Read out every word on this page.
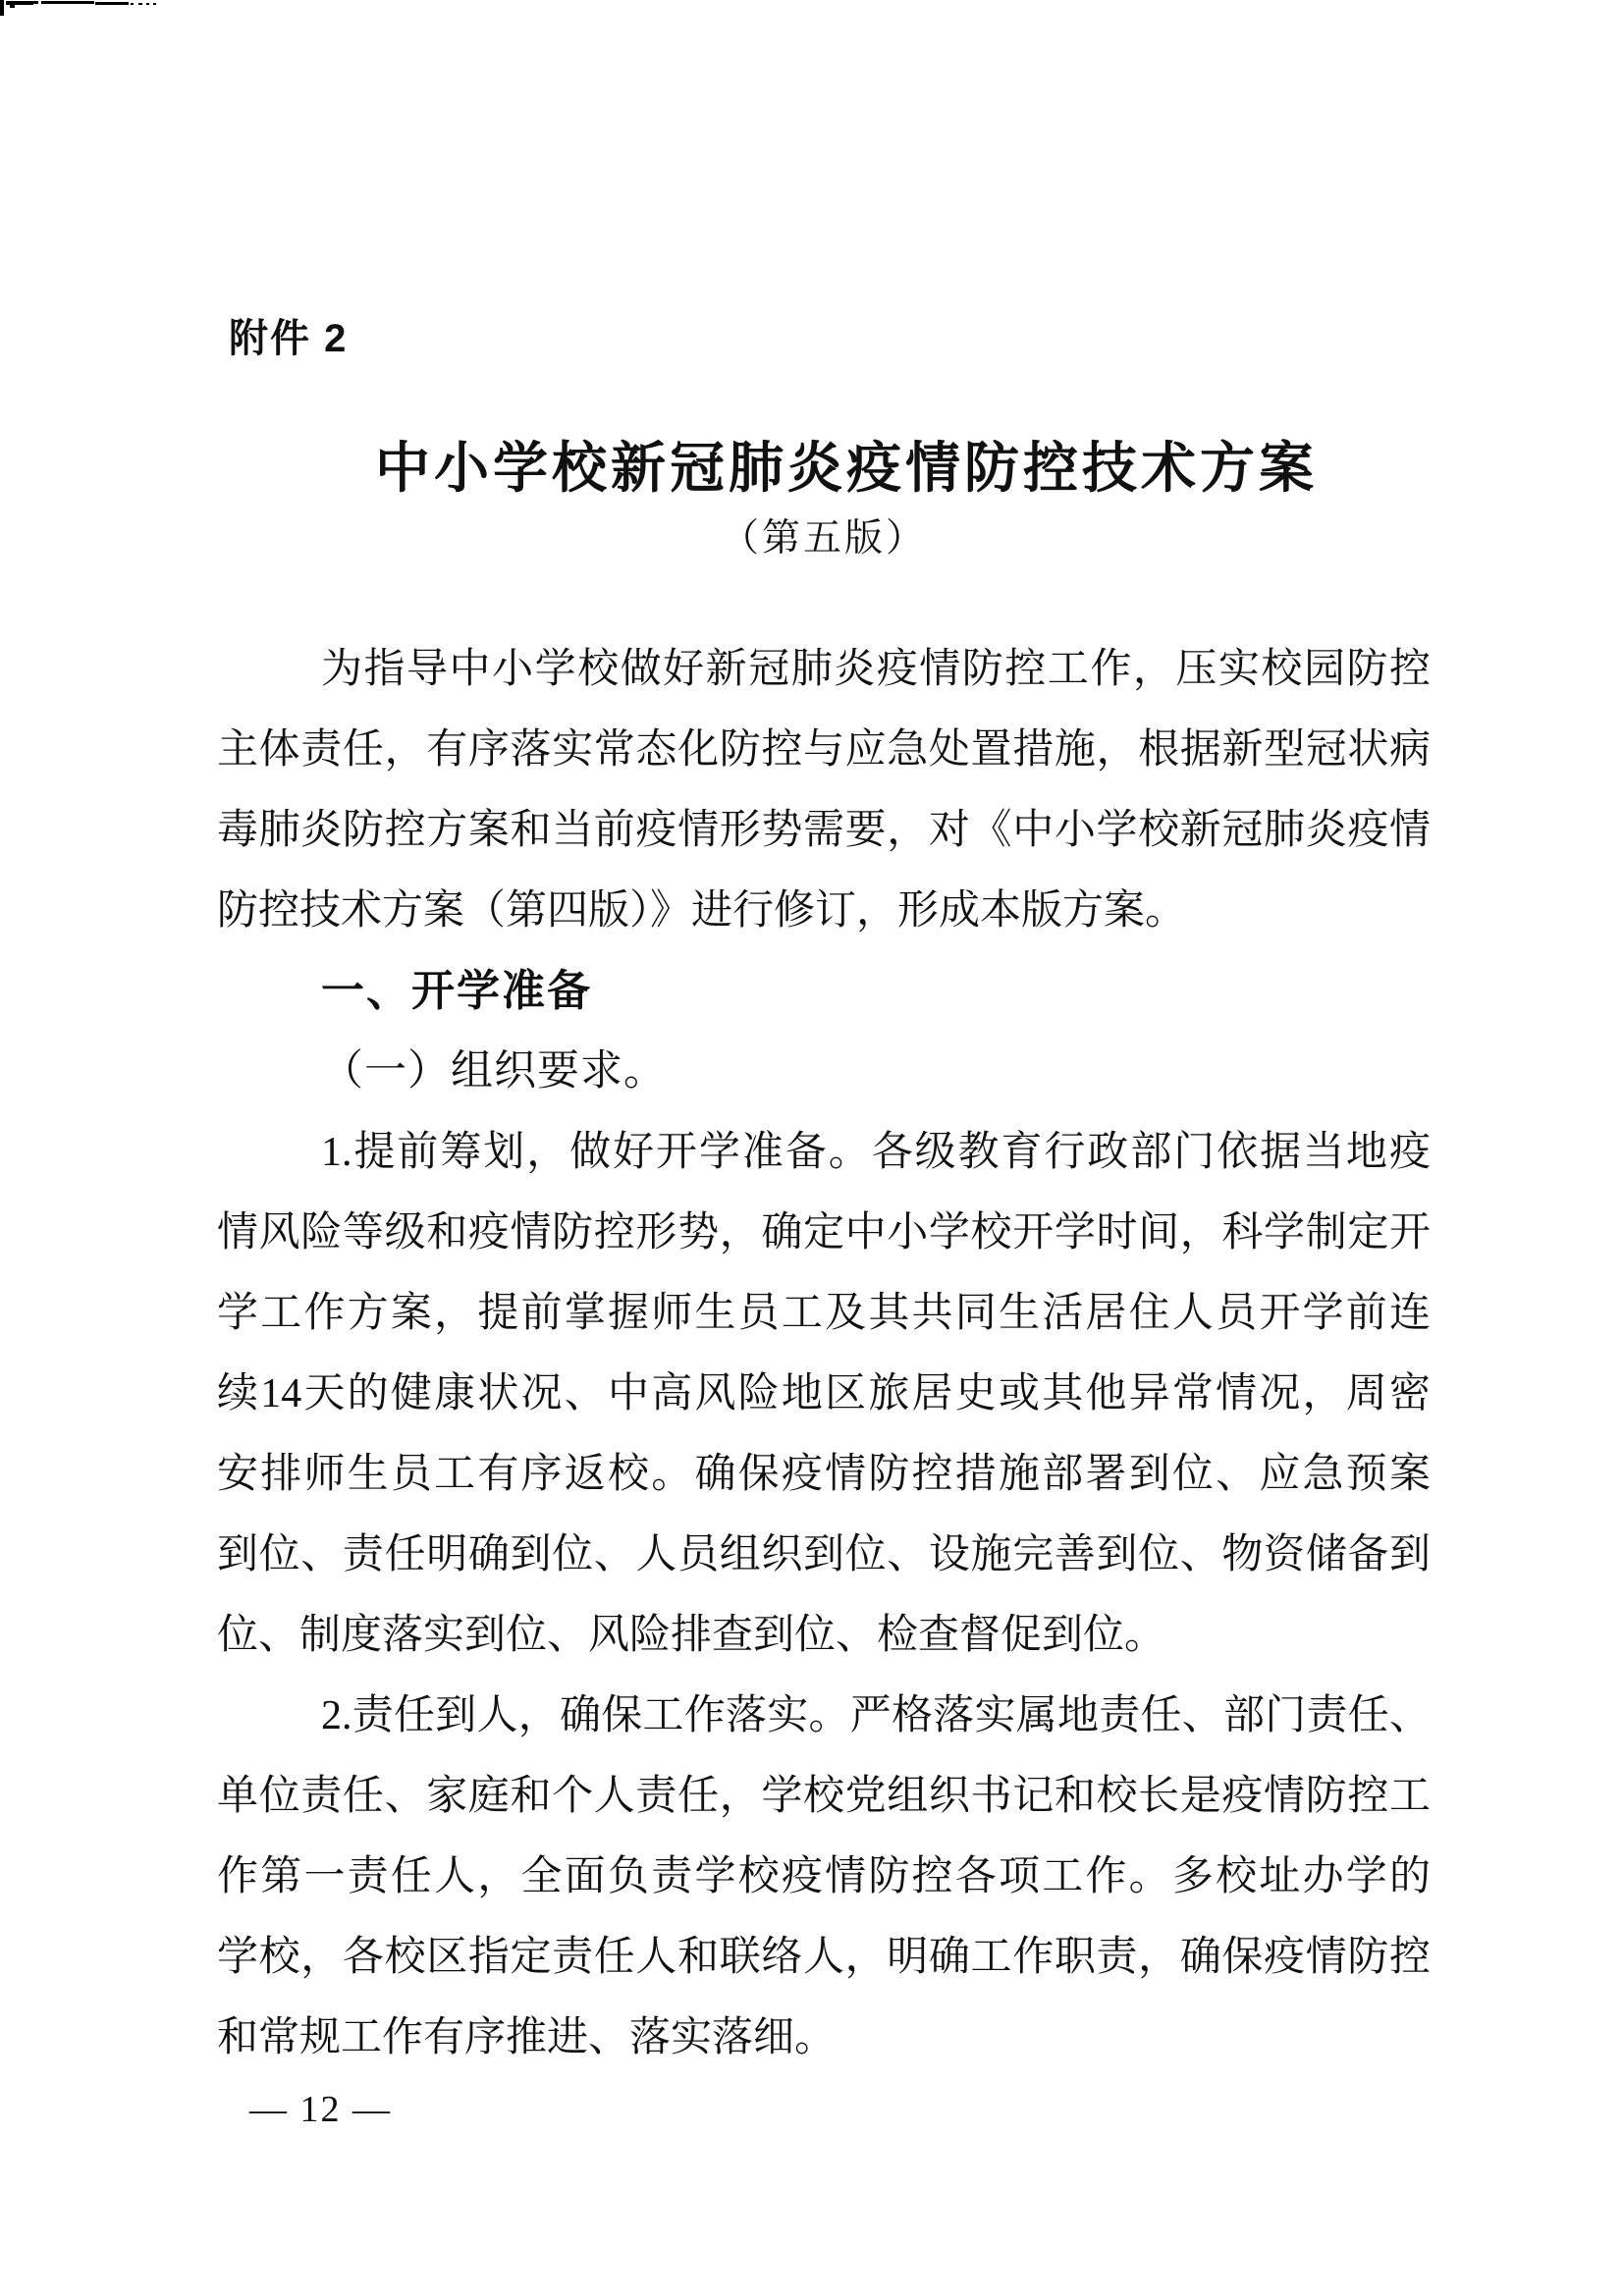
附件 2
中小学校新冠肺炎疫情防控技术方案
（第五版）
为指导中小学校做好新冠肺炎疫情防控工作，压实校园防控
主体责任，有序落实常态化防控与应急处置措施，根据新型冠状病
毒肺炎防控方案和当前疫情形势需要，对《中小学校新冠肺炎疫情
防控技术方案（第四版）》进行修订，形成本版方案。
一、开学准备
（一）组织要求。
1.提前筹划，做好开学准备。各级教育行政部门依据当地疫
情风险等级和疫情防控形势，确定中小学校开学时间，科学制定开
学工作方案，提前掌握师生员工及其共同生活居住人员开学前连
续14天的健康状况、中高风险地区旅居史或其他异常情况，周密
安排师生员工有序返校。确保疫情防控措施部署到位、应急预案
到位、责任明确到位、人员组织到位、设施完善到位、物资储备到
位、制度落实到位、风险排查到位、检查督促到位。
2.责任到人，确保工作落实。严格落实属地责任、部门责任、
单位责任、家庭和个人责任，学校党组织书记和校长是疫情防控工
作第一责任人，全面负责学校疫情防控各项工作。多校址办学的
学校，各校区指定责任人和联络人，明确工作职责，确保疫情防控
和常规工作有序推进、落实落细。
— 12 —
